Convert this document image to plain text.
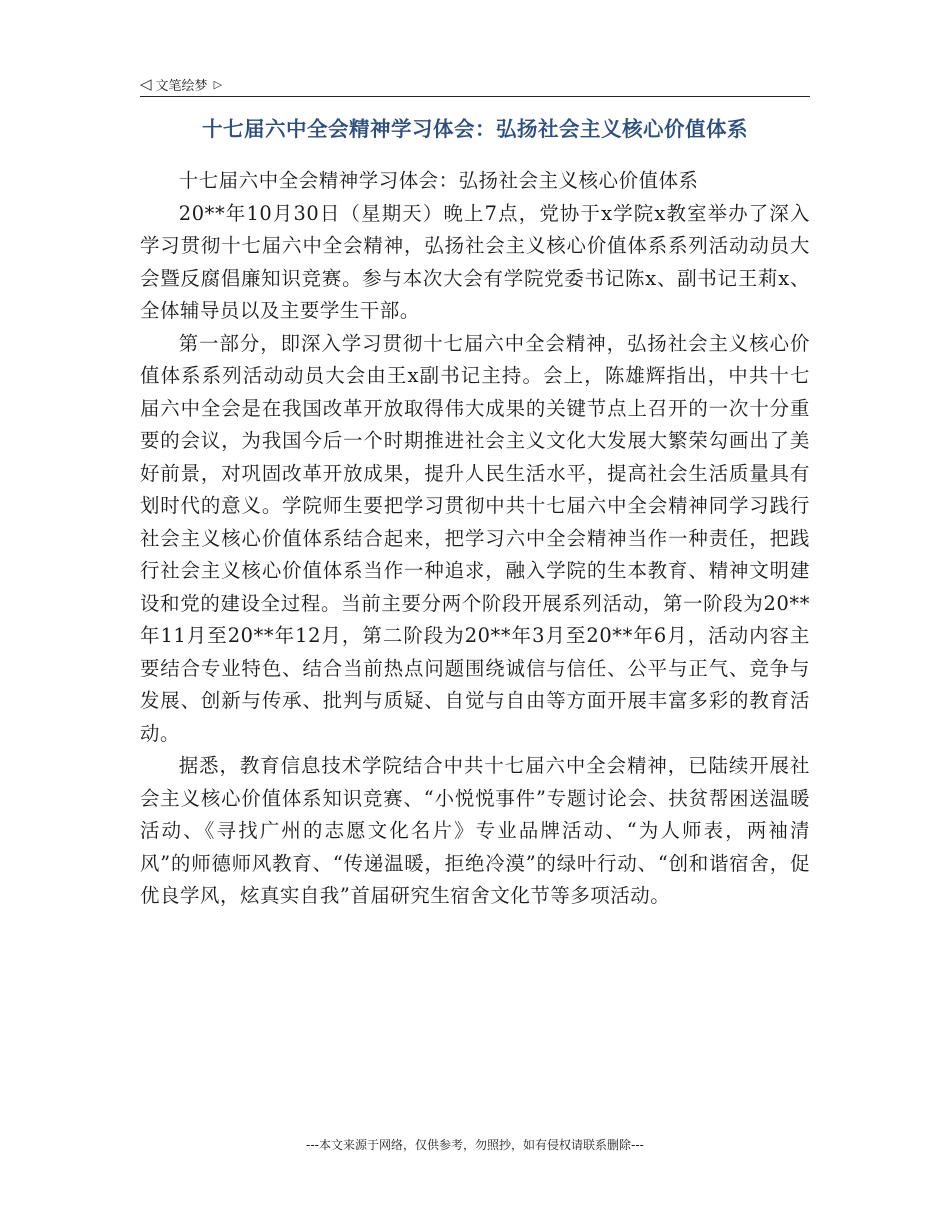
◁ 文笔绘梦 ▷
十七届六中全会精神学习体会：弘扬社会主义核心价值体系

十七届六中全会精神学习体会：弘扬社会主义核心价值体系

20**年10月30日（星期天）晚上7点，党协于x学院x教室举办了深入学习贯彻十七届六中全会精神，弘扬社会主义核心价值体系系列活动动员大会暨反腐倡廉知识竞赛。参与本次大会有学院党委书记陈x、副书记王莉x、全体辅导员以及主要学生干部。

第一部分，即深入学习贯彻十七届六中全会精神，弘扬社会主义核心价值体系系列活动动员大会由王x副书记主持。会上，陈雄辉指出，中共十七届六中全会是在我国改革开放取得伟大成果的关键节点上召开的一次十分重要的会议，为我国今后一个时期推进社会主义文化大发展大繁荣勾画出了美好前景，对巩固改革开放成果，提升人民生活水平，提高社会生活质量具有划时代的意义。学院师生要把学习贯彻中共十七届六中全会精神同学习践行社会主义核心价值体系结合起来，把学习六中全会精神当作一种责任，把践行社会主义核心价值体系当作一种追求，融入学院的生本教育、精神文明建设和党的建设全过程。当前主要分两个阶段开展系列活动，第一阶段为20**年11月至20**年12月，第二阶段为20**年3月至20**年6月，活动内容主要结合专业特色、结合当前热点问题围绕诚信与信任、公平与正气、竞争与发展、创新与传承、批判与质疑、自觉与自由等方面开展丰富多彩的教育活动。

据悉，教育信息技术学院结合中共十七届六中全会精神，已陆续开展社会主义核心价值体系知识竞赛、“小悦悦事件”专题讨论会、扶贫帮困送温暖活动、《寻找广州的志愿文化名片》专业品牌活动、“为人师表，两袖清风”的师德师风教育、“传递温暖，拒绝冷漠”的绿叶行动、“创和谐宿舍，促优良学风，炫真实自我”首届研究生宿舍文化节等多项活动。

---本文来源于网络，仅供参考，勿照抄，如有侵权请联系删除---
